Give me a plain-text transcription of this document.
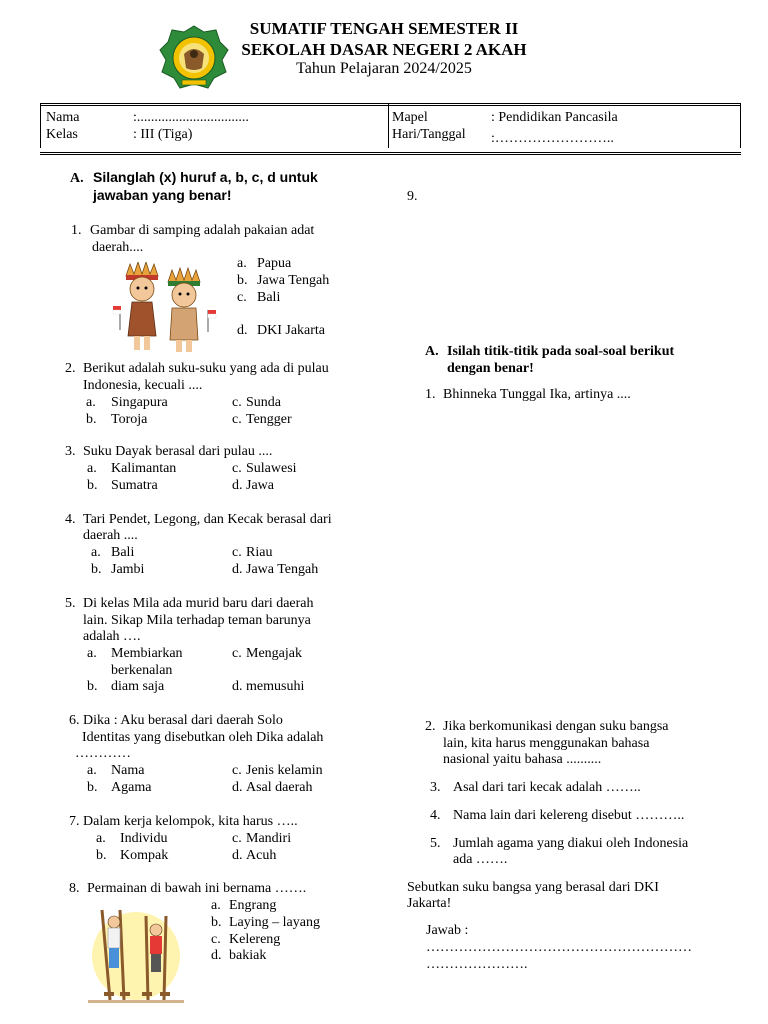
SUMATIF TENGAH SEMESTER II
SEKOLAH DASAR NEGERI 2 AKAH
Tahun Pelajaran 2024/2025
Nama	:................................
Kelas	: III (Tiga)
Mapel	: Pendidikan Pancasila
Hari/Tanggal :……………………..
A. Silanglah (x) huruf a, b, c, d untuk
jawaban yang benar!
1. Gambar di samping adalah pakaian adat
daerah....
a. Papua
b. Jawa Tengah
c. Bali
d. DKI Jakarta
2. Berikut adalah suku-suku yang ada di pulau
Indonesia, kecuali ....
a. Singapura	c. Sunda
b. Toroja	c. Tengger
3. Suku Dayak berasal dari pulau ....
a. Kalimantan	c. Sulawesi
b. Sumatra	d. Jawa
4. Tari Pendet, Legong, dan Kecak berasal dari
daerah ....
a. Bali	c. Riau
b. Jambi	d. Jawa Tengah
5. Di kelas Mila ada murid baru dari daerah
lain. Sikap Mila terhadap teman barunya
adalah ….
a. Membiarkan	c. Mengajak
berkenalan
b. diam saja	d. memusuhi
6. Dika : Aku berasal dari daerah Solo
Identitas yang disebutkan oleh Dika adalah
…………
a. Nama	c. Jenis kelamin
b. Agama	d. Asal daerah
7. Dalam kerja kelompok, kita harus …..
a. Individu	c. Mandiri
b. Kompak	d. Acuh
8. Permainan di bawah ini bernama …….
a. Engrang
b. Laying – layang
c. Kelereng
d. bakiak
9.
A. Isilah titik-titik pada soal-soal berikut
dengan benar!
1. Bhinneka Tunggal Ika, artinya ....
2. Jika berkomunikasi dengan suku bangsa
lain, kita harus menggunakan bahasa
nasional yaitu bahasa ..........
3. Asal dari tari kecak adalah ……..
4. Nama lain dari kelereng disebut ………..
5. Jumlah agama yang diakui oleh Indonesia
ada …….
Sebutkan suku bangsa yang berasal dari DKI
Jakarta!
Jawab :
…………………………………………………
………………….
